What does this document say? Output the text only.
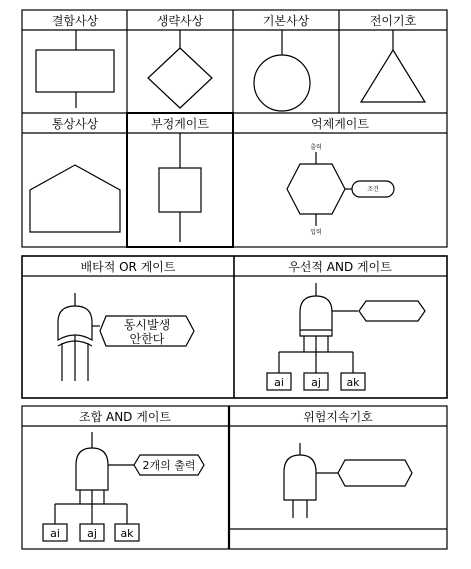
결함사상	생략사상	기본사상	전이기호
통상사상	부정게이트	억제게이트
출력
조건
입력
배타적 OR 게이트	우선적 AND 게이트
동시발생
안한다
ai aj ak
조합 AND 게이트	위험지속기호
2개의 출력
ai aj ak
